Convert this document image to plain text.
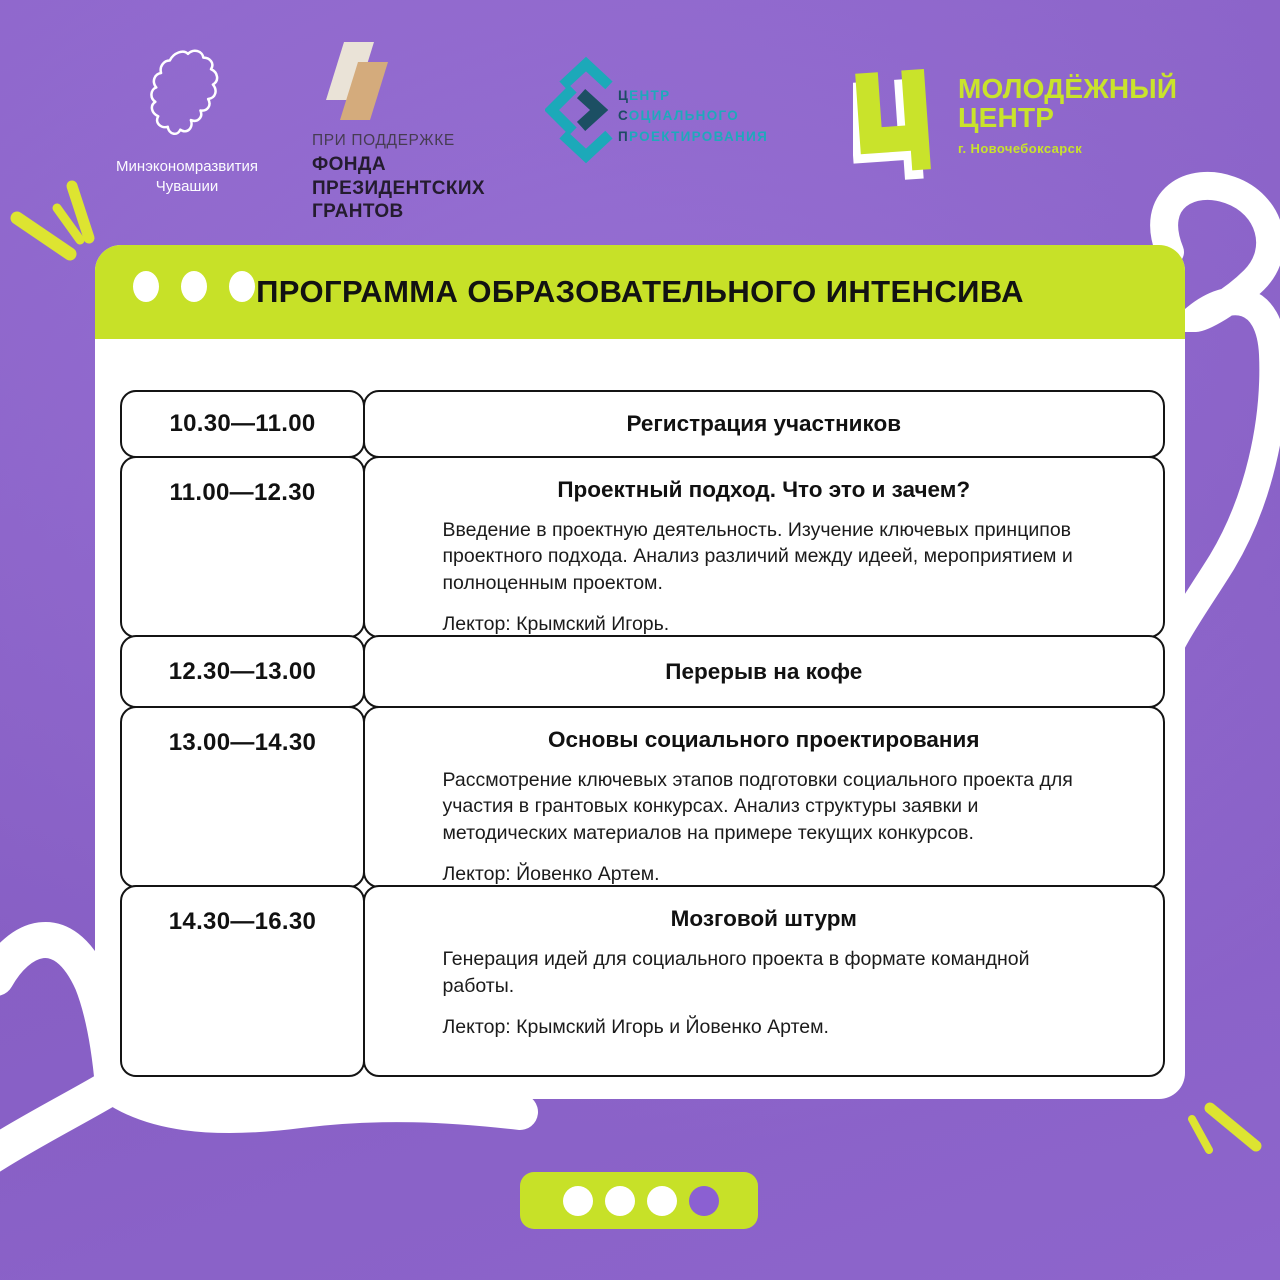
Минэкономразвития
Чувашии
ПРИ ПОДДЕРЖКЕ
ФОНДА
ПРЕЗИДЕНТСКИХ
ГРАНТОВ
ЦЕНТР
СОЦИАЛЬНОГО
ПРОЕКТИРОВАНИЯ
МОЛОДЁЖНЫЙ
ЦЕНТР
г. Новочебоксарск
ПРОГРАММА ОБРАЗОВАТЕЛЬНОГО ИНТЕНСИВА
10.30—11.00	Регистрация участников
11.00—12.30	Проектный подход. Что это и зачем?
Введение в проектную деятельность. Изучение ключевых принципов проектного подхода. Анализ различий между идеей, мероприятием и полноценным проектом.
Лектор: Крымский Игорь.
12.30—13.00	Перерыв на кофе
13.00—14.30	Основы социального проектирования
Рассмотрение ключевых этапов подготовки социального проекта для участия в грантовых конкурсах. Анализ структуры заявки и методических материалов на примере текущих конкурсов.
Лектор: Йовенко Артем.
14.30—16.30	Мозговой штурм
Генерация идей для социального проекта в формате командной работы.
Лектор: Крымский Игорь и Йовенко Артем.
